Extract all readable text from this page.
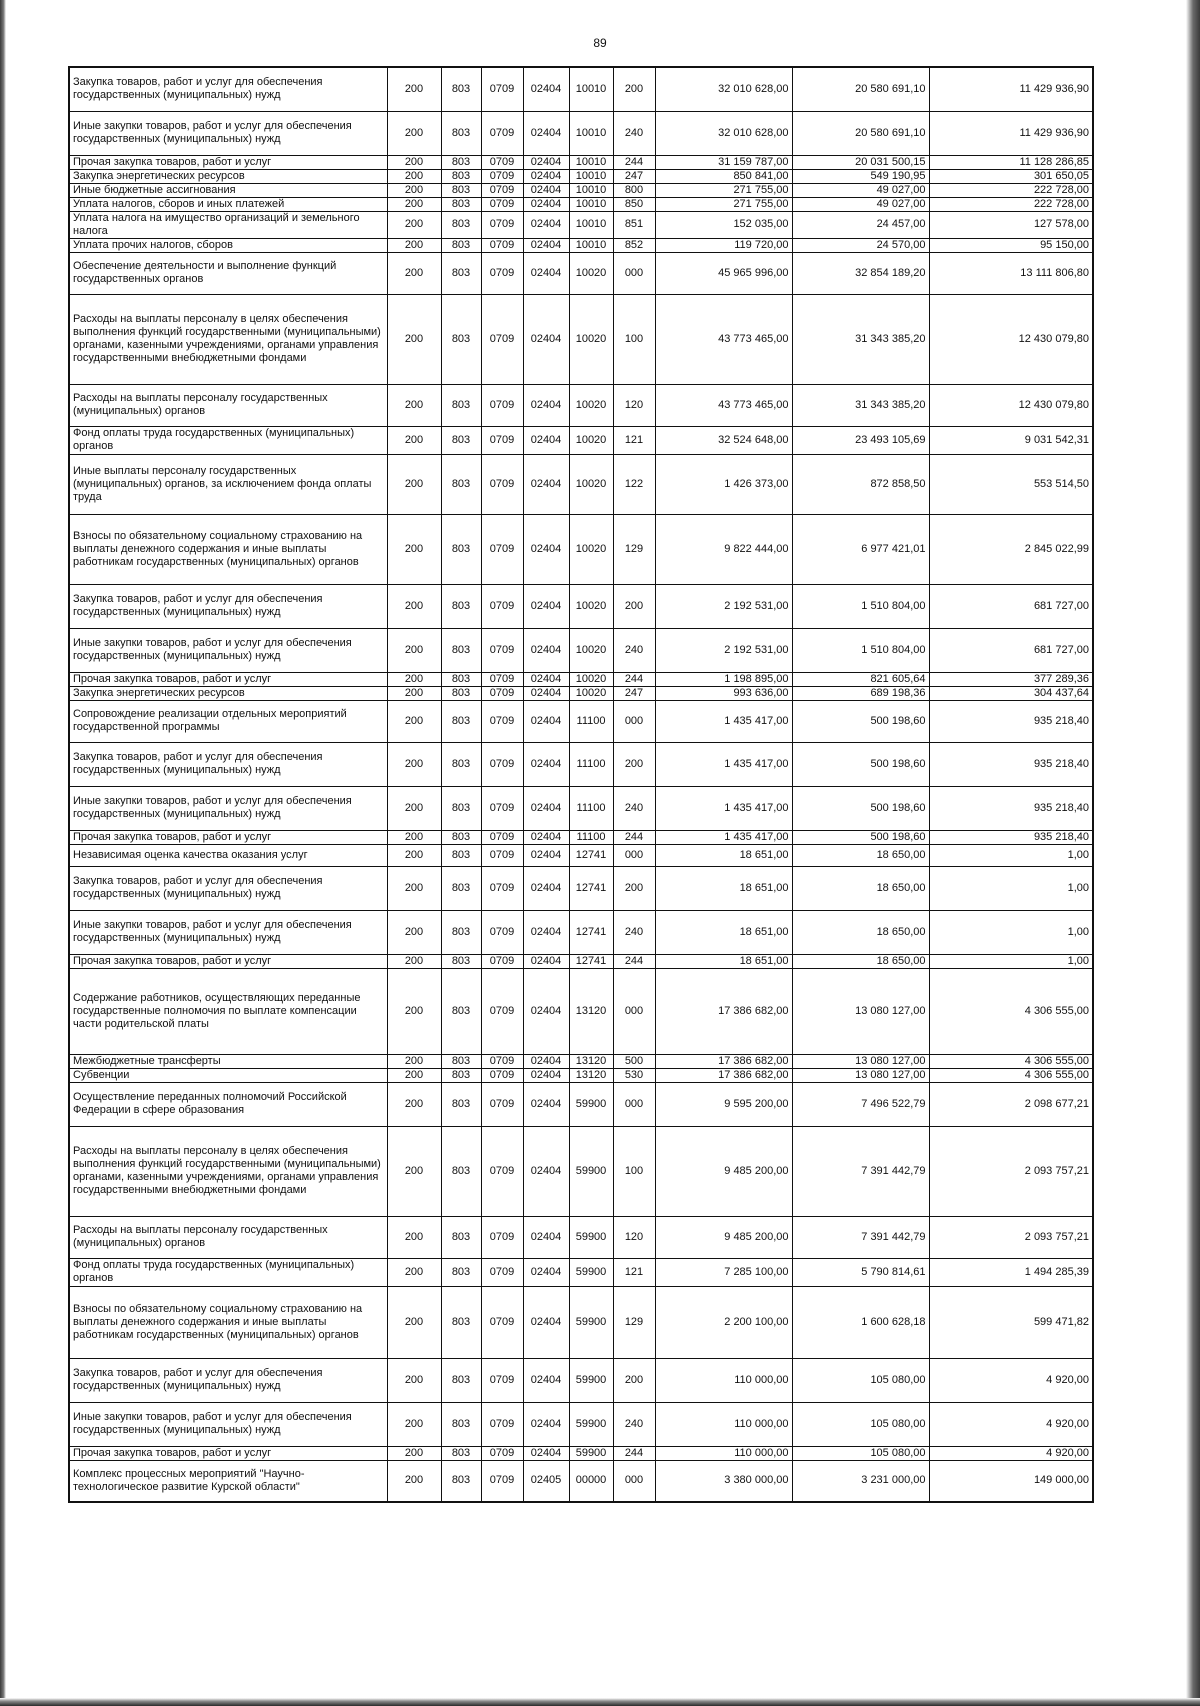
89
Закупка товаров, работ и услуг для обеспечения государственных (муниципальных) нужд	200	803	0709	02404	10010	200	32 010 628,00	20 580 691,10	11 429 936,90
Иные закупки товаров, работ и услуг для обеспечения государственных (муниципальных) нужд	200	803	0709	02404	10010	240	32 010 628,00	20 580 691,10	11 429 936,90
Прочая закупка товаров, работ и услуг	200	803	0709	02404	10010	244	31 159 787,00	20 031 500,15	11 128 286,85
Закупка энергетических ресурсов	200	803	0709	02404	10010	247	850 841,00	549 190,95	301 650,05
Иные бюджетные ассигнования	200	803	0709	02404	10010	800	271 755,00	49 027,00	222 728,00
Уплата налогов, сборов и иных платежей	200	803	0709	02404	10010	850	271 755,00	49 027,00	222 728,00
Уплата налога на имущество организаций и земельного налога	200	803	0709	02404	10010	851	152 035,00	24 457,00	127 578,00
Уплата прочих налогов, сборов	200	803	0709	02404	10010	852	119 720,00	24 570,00	95 150,00
Обеспечение деятельности и выполнение функций государственных органов	200	803	0709	02404	10020	000	45 965 996,00	32 854 189,20	13 111 806,80
Расходы на выплаты персоналу в целях обеспечения выполнения функций государственными (муниципальными) органами, казенными учреждениями, органами управления государственными внебюджетными фондами	200	803	0709	02404	10020	100	43 773 465,00	31 343 385,20	12 430 079,80
Расходы на выплаты персоналу государственных (муниципальных) органов	200	803	0709	02404	10020	120	43 773 465,00	31 343 385,20	12 430 079,80
Фонд оплаты труда государственных (муниципальных) органов	200	803	0709	02404	10020	121	32 524 648,00	23 493 105,69	9 031 542,31
Иные выплаты персоналу государственных (муниципальных) органов, за исключением фонда оплаты труда	200	803	0709	02404	10020	122	1 426 373,00	872 858,50	553 514,50
Взносы по обязательному социальному страхованию на выплаты денежного содержания и иные выплаты работникам государственных (муниципальных) органов	200	803	0709	02404	10020	129	9 822 444,00	6 977 421,01	2 845 022,99
Закупка товаров, работ и услуг для обеспечения государственных (муниципальных) нужд	200	803	0709	02404	10020	200	2 192 531,00	1 510 804,00	681 727,00
Иные закупки товаров, работ и услуг для обеспечения государственных (муниципальных) нужд	200	803	0709	02404	10020	240	2 192 531,00	1 510 804,00	681 727,00
Прочая закупка товаров, работ и услуг	200	803	0709	02404	10020	244	1 198 895,00	821 605,64	377 289,36
Закупка энергетических ресурсов	200	803	0709	02404	10020	247	993 636,00	689 198,36	304 437,64
Сопровождение реализации отдельных мероприятий государственной программы	200	803	0709	02404	11100	000	1 435 417,00	500 198,60	935 218,40
Закупка товаров, работ и услуг для обеспечения государственных (муниципальных) нужд	200	803	0709	02404	11100	200	1 435 417,00	500 198,60	935 218,40
Иные закупки товаров, работ и услуг для обеспечения государственных (муниципальных) нужд	200	803	0709	02404	11100	240	1 435 417,00	500 198,60	935 218,40
Прочая закупка товаров, работ и услуг	200	803	0709	02404	11100	244	1 435 417,00	500 198,60	935 218,40
Независимая оценка качества оказания услуг	200	803	0709	02404	12741	000	18 651,00	18 650,00	1,00
Закупка товаров, работ и услуг для обеспечения государственных (муниципальных) нужд	200	803	0709	02404	12741	200	18 651,00	18 650,00	1,00
Иные закупки товаров, работ и услуг для обеспечения государственных (муниципальных) нужд	200	803	0709	02404	12741	240	18 651,00	18 650,00	1,00
Прочая закупка товаров, работ и услуг	200	803	0709	02404	12741	244	18 651,00	18 650,00	1,00
Содержание работников, осуществляющих переданные государственные полномочия по выплате компенсации части родительской платы	200	803	0709	02404	13120	000	17 386 682,00	13 080 127,00	4 306 555,00
Межбюджетные трансферты	200	803	0709	02404	13120	500	17 386 682,00	13 080 127,00	4 306 555,00
Субвенции	200	803	0709	02404	13120	530	17 386 682,00	13 080 127,00	4 306 555,00
Осуществление переданных полномочий Российской Федерации в сфере образования	200	803	0709	02404	59900	000	9 595 200,00	7 496 522,79	2 098 677,21
Расходы на выплаты персоналу в целях обеспечения выполнения функций государственными (муниципальными) органами, казенными учреждениями, органами управления государственными внебюджетными фондами	200	803	0709	02404	59900	100	9 485 200,00	7 391 442,79	2 093 757,21
Расходы на выплаты персоналу государственных (муниципальных) органов	200	803	0709	02404	59900	120	9 485 200,00	7 391 442,79	2 093 757,21
Фонд оплаты труда государственных (муниципальных) органов	200	803	0709	02404	59900	121	7 285 100,00	5 790 814,61	1 494 285,39
Взносы по обязательному социальному страхованию на выплаты денежного содержания и иные выплаты работникам государственных (муниципальных) органов	200	803	0709	02404	59900	129	2 200 100,00	1 600 628,18	599 471,82
Закупка товаров, работ и услуг для обеспечения государственных (муниципальных) нужд	200	803	0709	02404	59900	200	110 000,00	105 080,00	4 920,00
Иные закупки товаров, работ и услуг для обеспечения государственных (муниципальных) нужд	200	803	0709	02404	59900	240	110 000,00	105 080,00	4 920,00
Прочая закупка товаров, работ и услуг	200	803	0709	02404	59900	244	110 000,00	105 080,00	4 920,00
Комплекс процессных мероприятий "Научно-технологическое развитие Курской области"	200	803	0709	02405	00000	000	3 380 000,00	3 231 000,00	149 000,00
